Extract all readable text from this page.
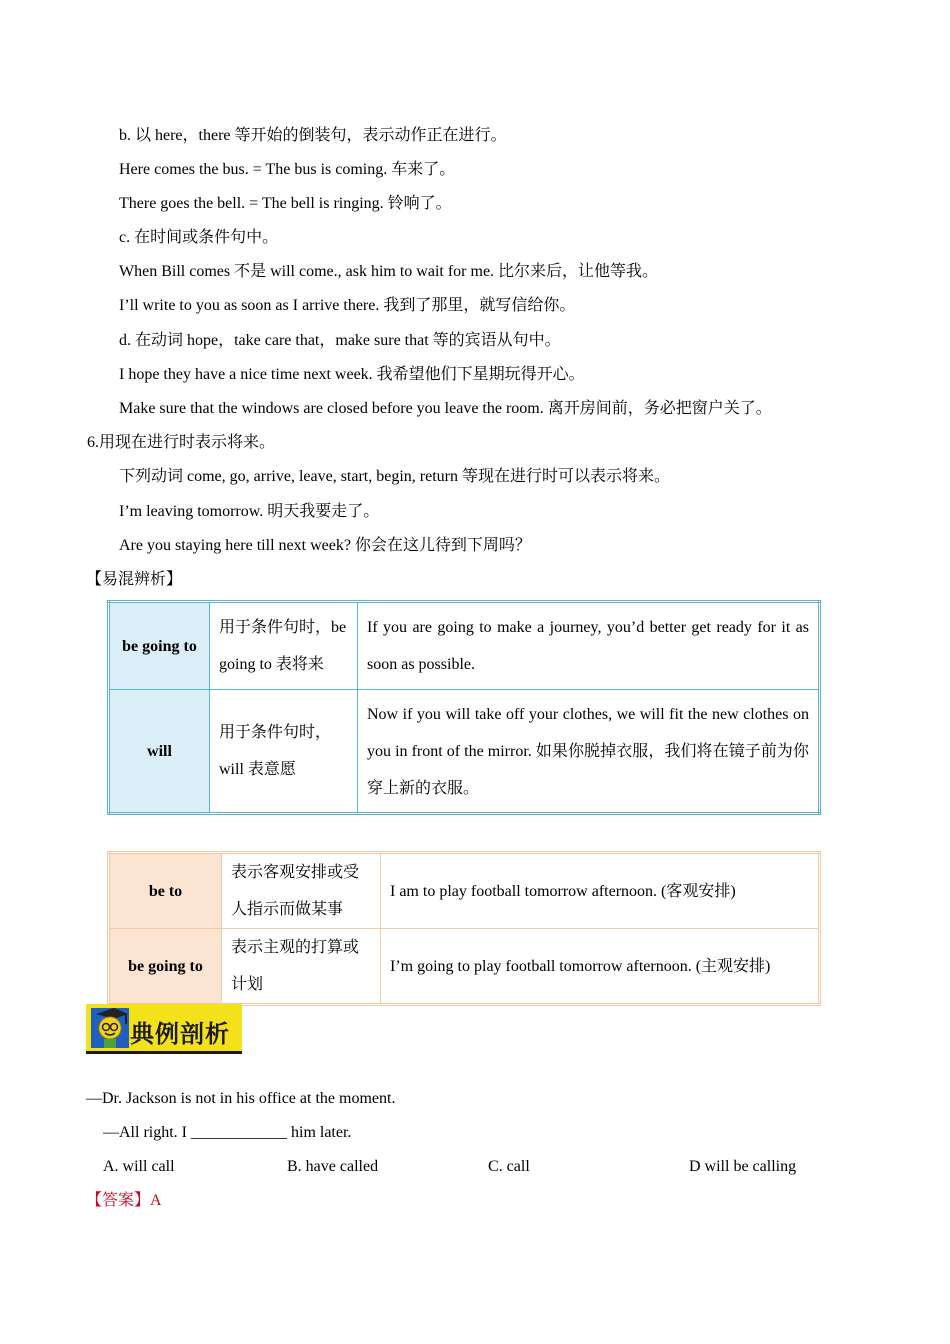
b. 以 here，there 等开始的倒装句，表示动作正在进行。
Here comes the bus. = The bus is coming. 车来了。
There goes the bell. = The bell is ringing. 铃响了。
c. 在时间或条件句中。
When Bill comes 不是 will come., ask him to wait for me. 比尔来后，让他等我。
I’ll write to you as soon as I arrive there. 我到了那里，就写信给你。
d. 在动词 hope，take care that，make sure that 等的宾语从句中。
I hope they have a nice time next week. 我希望他们下星期玩得开心。
Make sure that the windows are closed before you leave the room. 离开房间前，务必把窗户关了。
6.用现在进行时表示将来。
下列动词 come, go, arrive, leave, start, begin, return 等现在进行时可以表示将来。
I’m leaving tomorrow. 明天我要走了。
Are you staying here till next week? 你会在这儿待到下周吗？
【易混辨析】
be going to	用于条件句时，be going to 表将来	If you are going to make a journey, you’d better get ready for it as soon as possible.
will	用于条件句时，will 表意愿	Now if you will take off your clothes, we will fit the new clothes on you in front of the mirror. 如果你脱掉衣服，我们将在镜子前为你穿上新的衣服。
be to	表示客观安排或受人指示而做某事	I am to play football tomorrow afternoon. (客观安排)
be going to	表示主观的打算或计划	I’m going to play football tomorrow afternoon. (主观安排)
典例剖析
—Dr. Jackson is not in his office at the moment.
—All right. I ____________ him later.
A. will call	B. have called	C. call	D will be calling
【答案】A
